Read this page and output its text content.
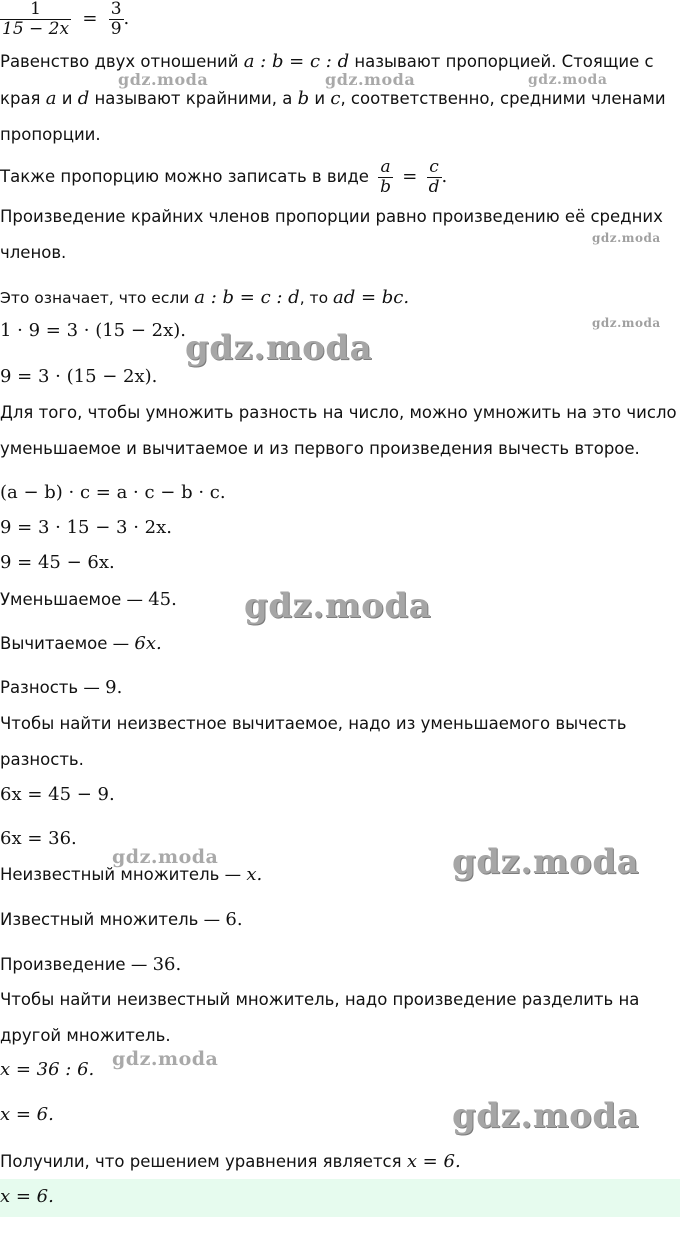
gdz.moda	gdz.moda	gdz.moda
gdz.moda
gdz.moda
gdz.moda
gdz.moda
gdz.moda	gdz.moda
gdz.moda
gdz.moda
$\frac{1}{15 - 2x} = \frac{3}{9}$ .
Равенство двух отношений a : b = c : d называют пропорцией. Стоящие с
края a и d называют крайними, а b и c, соответственно, средними членами
пропорции.
Также пропорцию можно записать в виде $\frac{a}{b} = \frac{c}{d}$ .
Произведение крайних членов пропорции равно произведению её средних
членов.
Это означает, что если a : b = c : d, то ad = bc.
1 · 9 = 3 · (15 − 2x).
9 = 3 · (15 − 2x).
Для того, чтобы умножить разность на число, можно умножить на это число
уменьшаемое и вычитаемое и из первого произведения вычесть второе.
(a − b) · c = a · c − b · c.
9 = 3 · 15 − 3 · 2x.
9 = 45 − 6x.
Уменьшаемое — 45.
Вычитаемое — 6x.
Разность — 9.
Чтобы найти неизвестное вычитаемое, надо из уменьшаемого вычесть
разность.
6x = 45 − 9.
6x = 36.
Неизвестный множитель — x.
Известный множитель — 6.
Произведение — 36.
Чтобы найти неизвестный множитель, надо произведение разделить на
другой множитель.
x = 36 : 6.
x = 6.
Получили, что решением уравнения является x = 6.
x = 6.
